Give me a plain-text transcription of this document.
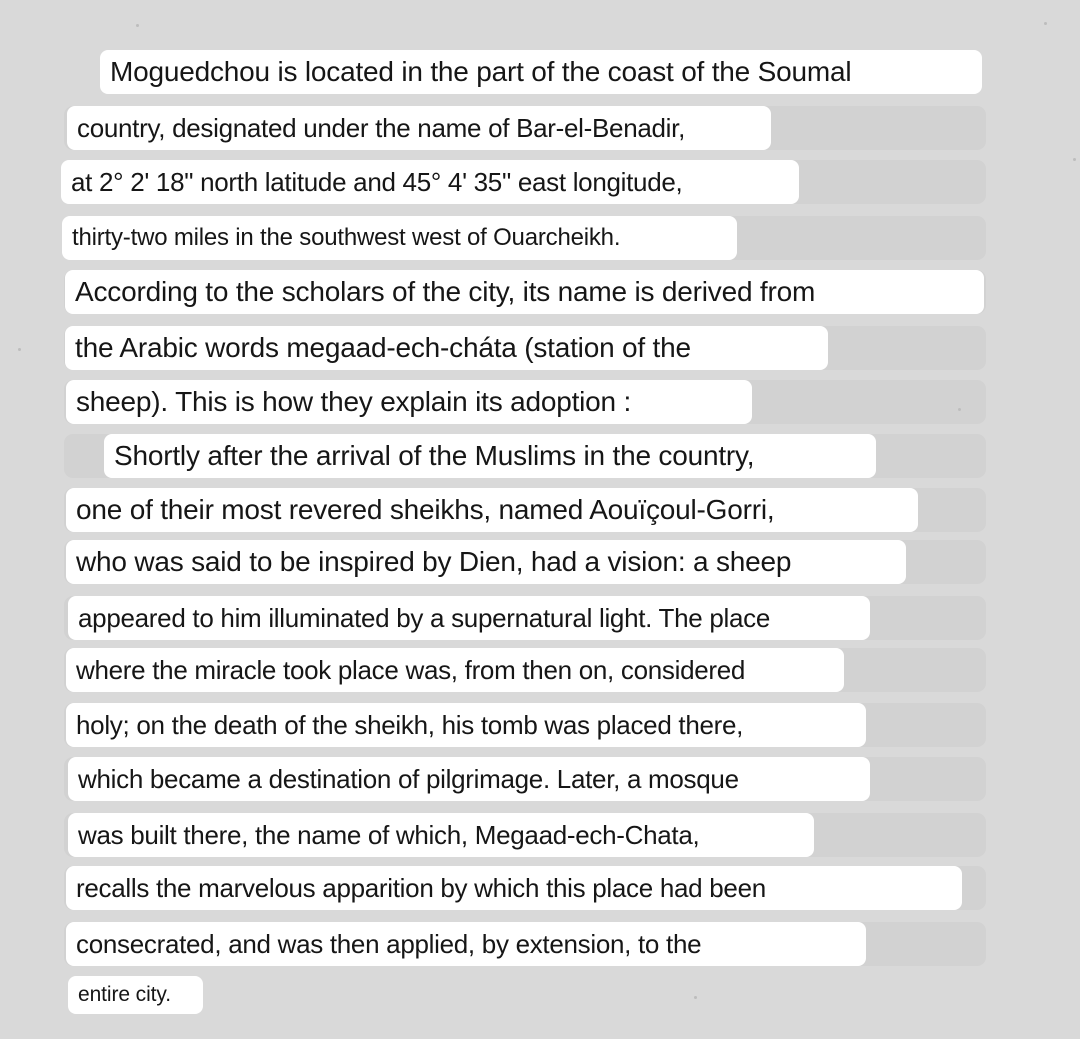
Moguedchou is located in the part of the coast of the Soumal
country, designated under the name of Bar-el-Benadir,
at 2° 2' 18" north latitude and 45° 4' 35" east longitude,
thirty-two miles in the southwest west of Ouarcheikh.
According to the scholars of the city, its name is derived from
the Arabic words megaad-ech-cháta (station of the
sheep). This is how they explain its adoption :
Shortly after the arrival of the Muslims in the country,
one of their most revered sheikhs, named Aouïçoul-Gorri,
who was said to be inspired by Dien, had a vision: a sheep
appeared to him illuminated by a supernatural light. The place
where the miracle took place was, from then on, considered
holy; on the death of the sheikh, his tomb was placed there,
which became a destination of pilgrimage. Later, a mosque
was built there, the name of which, Megaad-ech-Chata,
recalls the marvelous apparition by which this place had been
consecrated, and was then applied, by extension, to the
entire city.
